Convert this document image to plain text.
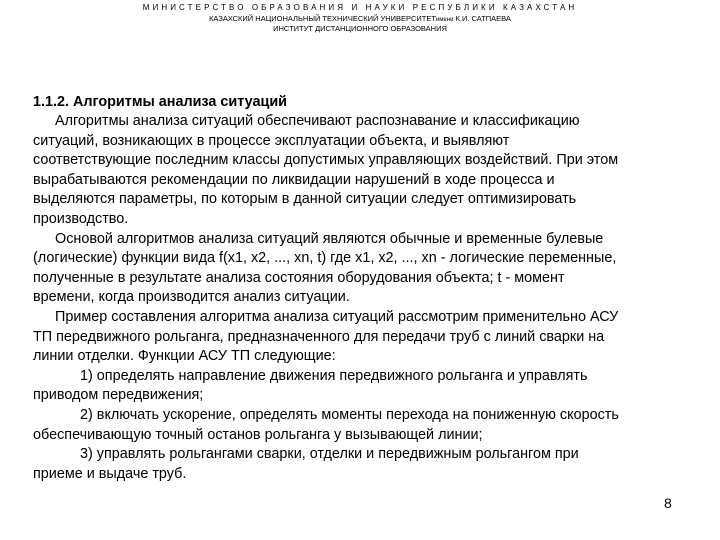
МИНИСТЕРСТВО ОБРАЗОВАНИЯ И НАУКИ РЕСПУБЛИКИ КАЗАХСТАН
КАЗАХСКИЙ НАЦИОНАЛЬНЫЙ ТЕХНИЧЕСКИЙ УНИВЕРСИТЕТимени К.И. САТПАЕВА
ИНСТИТУТ ДИСТАНЦИОННОГО ОБРАЗОВАНИЯ
1.1.2. Алгоритмы анализа ситуаций
Алгоритмы анализа ситуаций обеспечивают распознавание и классификацию
ситуаций, возникающих в процессе эксплуатации объекта, и выявляют
соответствующие последним классы допустимых управляющих воздействий. При этом
вырабатываются рекомендации по ликвидации нарушений в ходе процесса и
выделяются параметры, по которым в данной ситуации следует оптимизировать
производство.
Основой алгоритмов анализа ситуаций являются обычные и временные булевые
(логические) функции вида f(x1, x2, ..., xn, t) где x1, x2, ..., xn - логические переменные,
полученные в результате анализа состояния оборудования объекта; t - момент
времени, когда производится анализ ситуации.
Пример составления алгоритма анализа ситуаций рассмотрим применительно АСУ
ТП передвижного рольганга, предназначенного для передачи труб с линий сварки на
линии отделки. Функции АСУ ТП следующие:
1) определять направление движения передвижного рольганга и управлять
приводом передвижения;
2) включать ускорение, определять моменты перехода на пониженную скорость
обеспечивающую точный останов рольганга у вызывающей линии;
3) управлять рольгангами сварки, отделки и передвижным рольгангом при
приеме и выдаче труб.
8
